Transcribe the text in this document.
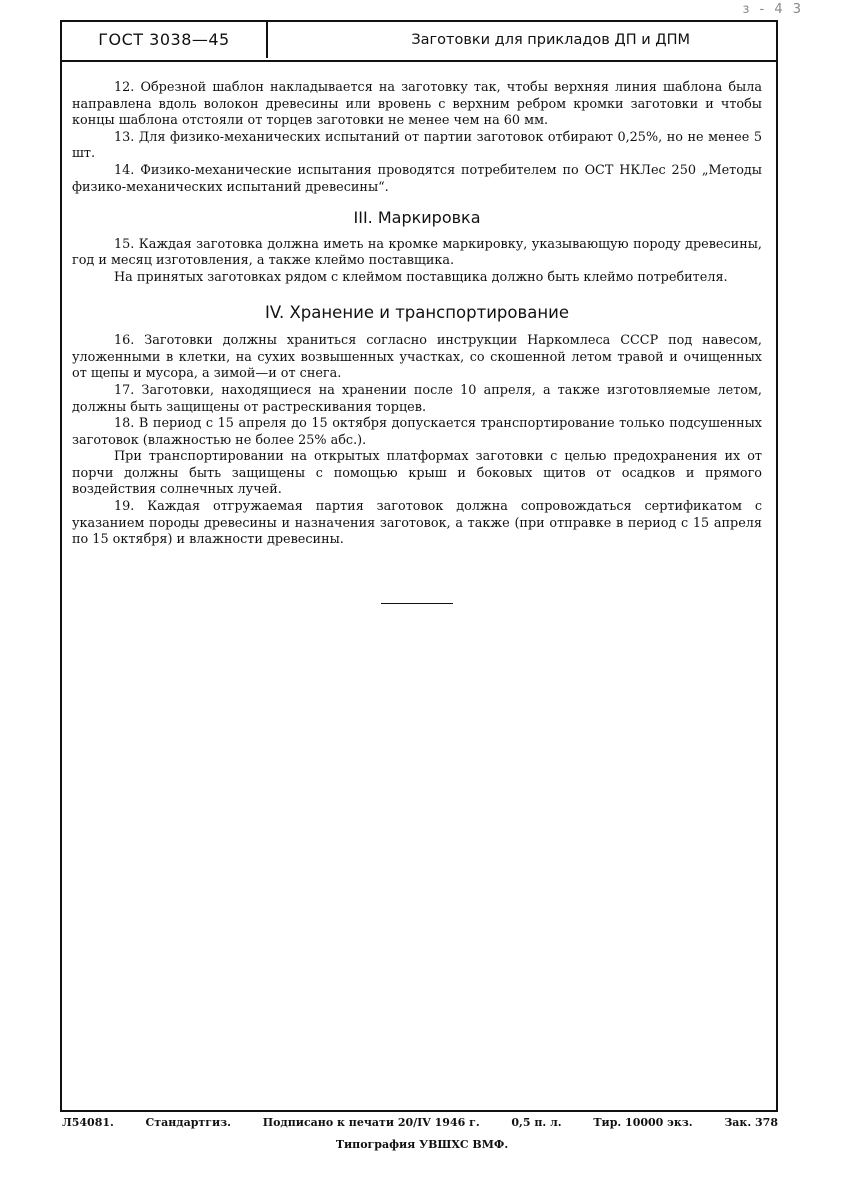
з - 4 3
ГОСТ 3038—45	Заготовки для прикладов ДП и ДПМ

12. Обрезной шаблон накладывается на заготовку так, чтобы верхняя линия шаблона была направлена вдоль волокон древесины или вровень с верхним ребром кромки заготовки и чтобы концы шаблона отстояли от торцев заготовки не менее чем на 60 мм.

13. Для физико-механических испытаний от партии заготовок отбирают 0,25%, но не менее 5 шт.

14. Физико-механические испытания проводятся потребителем по ОСТ НКЛес 250 „Методы физико-механических испытаний древесины“.

III. Маркировка

15. Каждая заготовка должна иметь на кромке маркировку, указывающую породу древесины, год и месяц изготовления, а также клеймо поставщика.

На принятых заготовках рядом с клеймом поставщика должно быть клеймо потребителя.

IV. Хранение и транспортирование

16. Заготовки должны храниться согласно инструкции Наркомлеса СССР под навесом, уложенными в клетки, на сухих возвышенных участках, со скошенной летом травой и очищенных от щепы и мусора, а зимой—и от снега.

17. Заготовки, находящиеся на хранении после 10 апреля, а также изготовляемые летом, должны быть защищены от растрескивания торцев.

18. В период с 15 апреля до 15 октября допускается транспортирование только подсушенных заготовок (влажностью не более 25% абс.).

При транспортировании на открытых платформах заготовки с целью предохранения их от порчи должны быть защищены с помощью крыш и боковых щитов от осадков и прямого воздействия солнечных лучей.

19. Каждая отгружаемая партия заготовок должна сопровождаться сертификатом с указанием породы древесины и назначения заготовок, а также (при отправке в период с 15 апреля по 15 октября) и влажности древесины.

Л54081.	Стандартгиз.	Подписано к печати 20/IV 1946 г.	0,5 п. л.	Тир. 10000 экз.	Зак. 378
Типография УВШХС ВМФ.
